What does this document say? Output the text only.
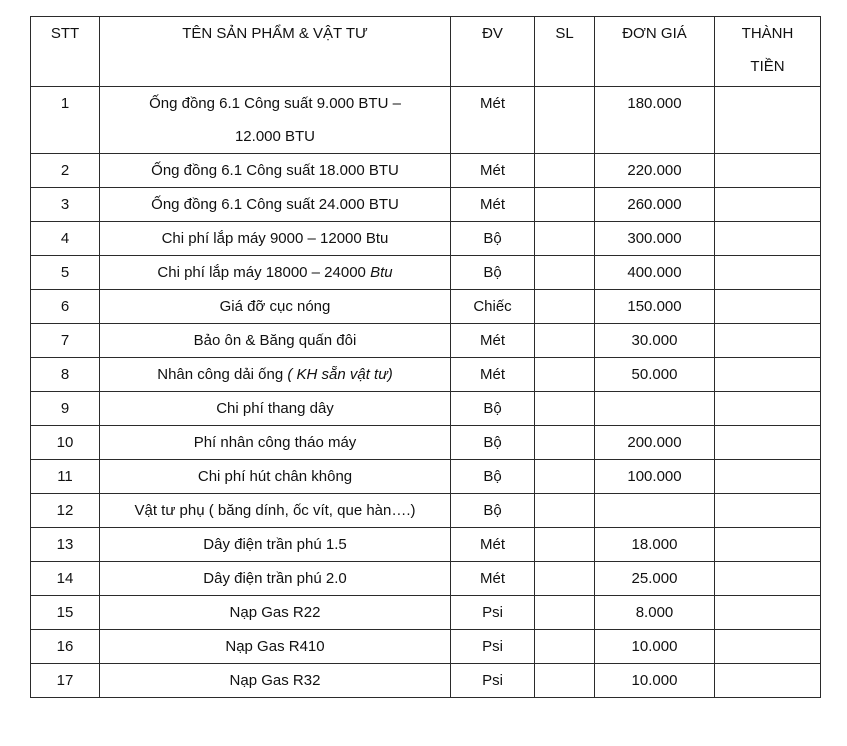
STT	TÊN SẢN PHẨM & VẬT TƯ	ĐV	SL	ĐƠN GIÁ	THÀNH
TIỀN

1	Ống đồng 6.1 Công suất 9.000 BTU –
12.000 BTU	Mét		180.000	
2	Ống đồng 6.1 Công suất 18.000 BTU	Mét		220.000	
3	Ống đồng 6.1 Công suất 24.000 BTU	Mét		260.000	
4	Chi phí lắp máy 9000 – 12000 Btu	Bộ		300.000	
5	Chi phí lắp máy 18000 – 24000 Btu	Bộ		400.000	
6	Giá đỡ cục nóng	Chiếc		150.000	
7	Bảo ôn & Băng quấn đôi	Mét		30.000	
8	Nhân công dải ống ( KH sẵn vật tư)	Mét		50.000	
9	Chi phí thang dây	Bộ			
10	Phí nhân công tháo máy	Bộ		200.000	
11	Chi phí hút chân không	Bộ		100.000	
12	Vật tư phụ ( băng dính, ốc vít, que hàn….)	Bộ			
13	Dây điện trần phú 1.5	Mét		18.000	
14	Dây điện trần phú 2.0	Mét		25.000	
15	Nạp Gas R22	Psi		8.000	
16	Nạp Gas R410	Psi		10.000	
17	Nạp Gas R32	Psi		10.000	
